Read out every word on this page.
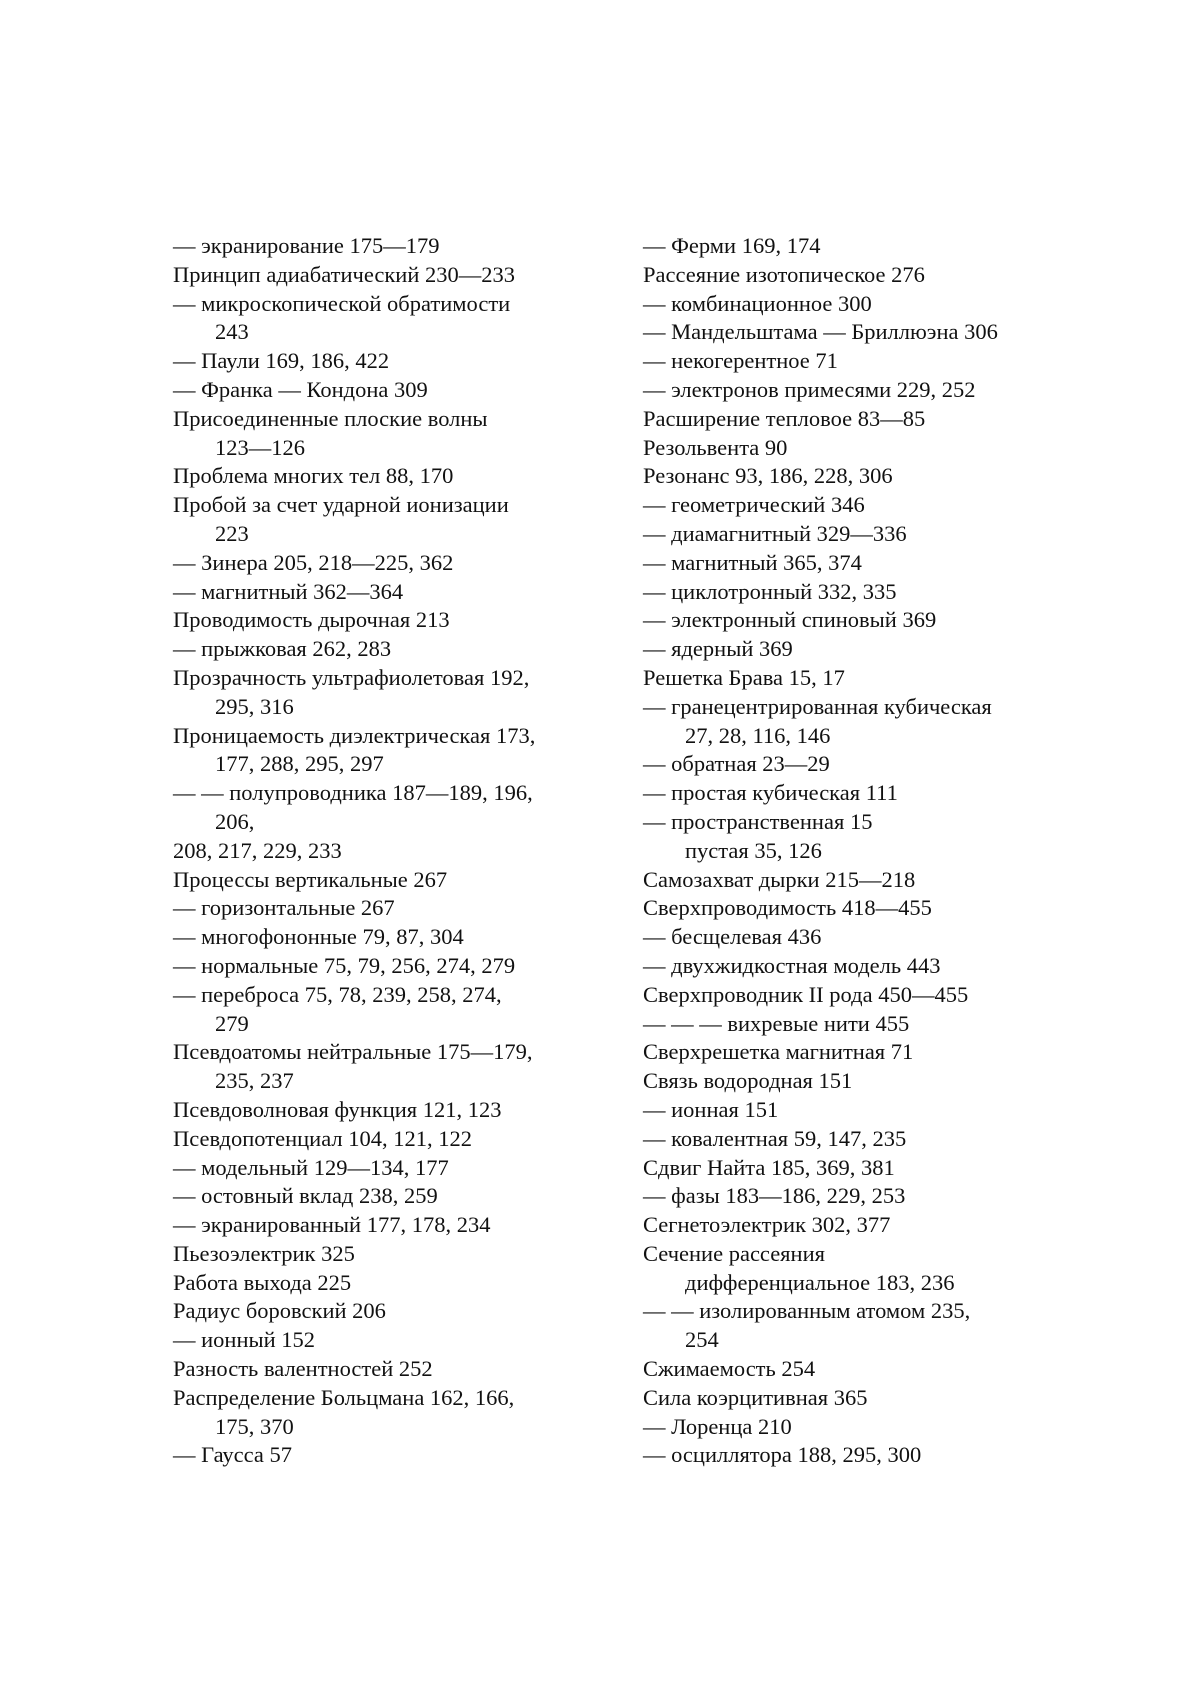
— экранирование 175—179
Принцип адиабатический 230—233
— микроскопической обратимости
243
— Паули 169, 186, 422
— Франка — Кондона 309
Присоединенные плоские волны
123—126
Проблема многих тел 88, 170
Пробой за счет ударной ионизации
223
— Зинера 205, 218—225, 362
— магнитный 362—364
Проводимость дырочная 213
— прыжковая 262, 283
Прозрачность ультрафиолетовая 192,
295, 316
Проницаемость диэлектрическая 173,
177, 288, 295, 297
— — полупроводника 187—189, 196,
206,
208, 217, 229, 233
Процессы вертикальные 267
— горизонтальные 267
— многофононные 79, 87, 304
— нормальные 75, 79, 256, 274, 279
— переброса 75, 78, 239, 258, 274,
279
Псевдоатомы нейтральные 175—179,
235, 237
Псевдоволновая функция 121, 123
Псевдопотенциал 104, 121, 122
— модельный 129—134, 177
— остовный вклад 238, 259
— экранированный 177, 178, 234
Пьезоэлектрик 325
Работа выхода 225
Радиус боровский 206
— ионный 152
Разность валентностей 252
Распределение Больцмана 162, 166,
175, 370
— Гаусса 57
— Ферми 169, 174
Рассеяние изотопическое 276
— комбинационное 300
— Мандельштама — Бриллюэна 306
— некогерентное 71
— электронов примесями 229, 252
Расширение тепловое 83—85
Резольвента 90
Резонанс 93, 186, 228, 306
— геометрический 346
— диамагнитный 329—336
— магнитный 365, 374
— циклотронный 332, 335
— электронный спиновый 369
— ядерный 369
Решетка Брава 15, 17
— гранецентрированная кубическая
27, 28, 116, 146
— обратная 23—29
— простая кубическая 111
— пространственная 15
пустая 35, 126
Самозахват дырки 215—218
Сверхпроводимость 418—455
— бесщелевая 436
— двухжидкостная модель 443
Сверхпроводник II рода 450—455
— — — вихревые нити 455
Сверхрешетка магнитная 71
Связь водородная 151
— ионная 151
— ковалентная 59, 147, 235
Сдвиг Найта 185, 369, 381
— фазы 183—186, 229, 253
Сегнетоэлектрик 302, 377
Сечение рассеяния
дифференциальное 183, 236
— — изолированным атомом 235,
254
Сжимаемость 254
Сила коэрцитивная 365
— Лоренца 210
— осциллятора 188, 295, 300
